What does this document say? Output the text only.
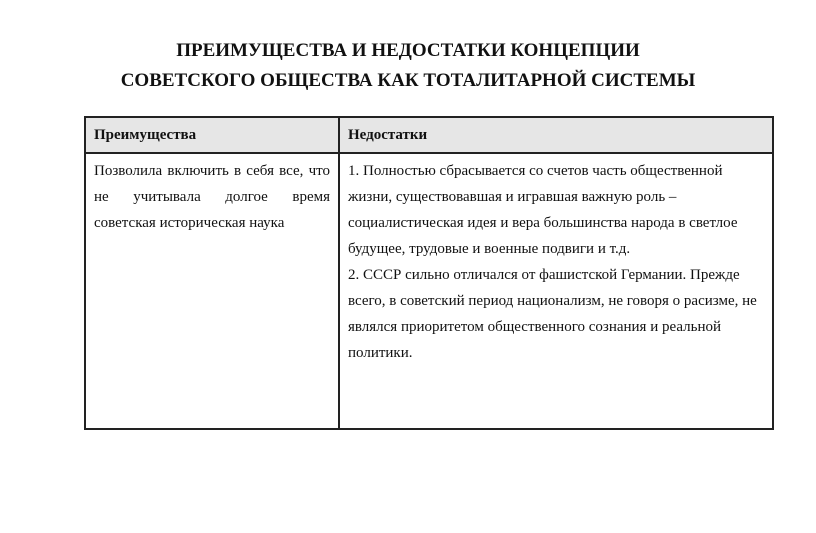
ПРЕИМУЩЕСТВА И НЕДОСТАТКИ КОНЦЕПЦИИ
СОВЕТСКОГО ОБЩЕСТВА КАК ТОТАЛИТАРНОЙ СИСТЕМЫ
Преимущества	Недостатки

Позволила включить в себя все, что не учитывала долгое время советская историческая наука	1. Полностью сбрасывается со счетов часть общественной жизни, существовавшая и игравшая важную роль – социалистическая идея и вера большинства народа в светлое будущее, трудовые и военные подвиги и т.д.
2. СССР сильно отличался от фашистской Германии. Прежде всего, в советский период национализм, не говоря о расизме, не являлся приоритетом общественного сознания и реальной политики.
